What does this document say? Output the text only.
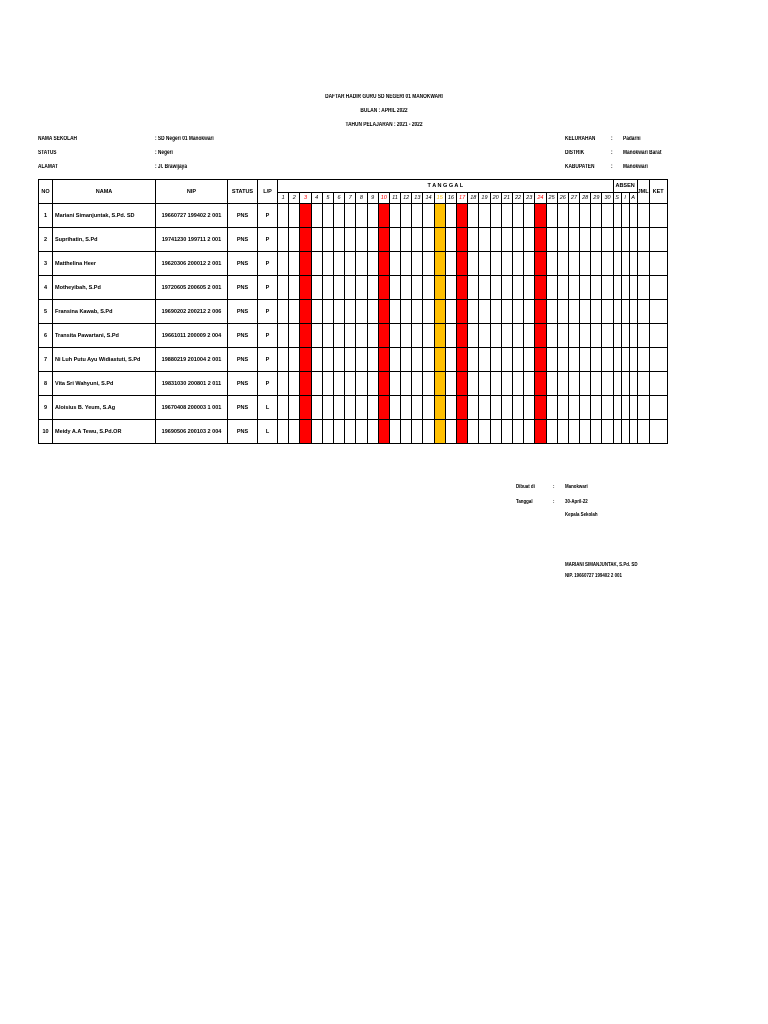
DAFTAR HADIR GURU SD NEGERI 01 MANOKWARI
BULAN : APRIL 2022
TAHUN PELAJARAN : 2021 - 2022
NAMA SEKOLAH	: SD Negeri 01 Manokwari
STATUS	: Negeri
ALAMAT	: Jl. Brawijaya
KELURAHAN	: Padarni
DISTRIK	: Manokwari Barat
KABUPATEN	: Manokwari
NO	NAMA	NIP	STATUS	L/P	T A N G G A L																														ABSEN			JML	KET
					1	2	3	4	5	6	7	8	9	10	11	12	13	14	15	16	17	18	19	20	21	22	23	24	25	26	27	28	29	30	S	I	A		
1	Mariani Simanjuntak, S.Pd. SD	19660727 199402 2 001	PNS	P																																			
2	Suprihatin, S.Pd	19741230 199711 2 001	PNS	P																																			
3	Matthelina Heer	19620306 200012 2 001	PNS	P																																			
4	Motheyibah, S.Pd	19720605 200605 2 001	PNS	P																																			
5	Fransina Kawab, S.Pd	19690202 200212 2 006	PNS	P																																			
6	Transita Pawartani, S.Pd	19661011 200009 2 004	PNS	P																																			
7	Ni Luh Putu Ayu Widiastuti, S.Pd	19880219 201004 2 001	PNS	P																																			
8	Vita Sri Wahyuni, S.Pd	19831030 200801 2 011	PNS	P																																			
9	Aloisius B. Yeum, S.Ag	19670408 200003 1 001	PNS	L																																			
10	Meidy A.A Tewu, S.Pd.OR	19690506 200103 2 004	PNS	L																																			
Dibuat di	: Manokwari
Tanggal	: 30-April-22
Kepala Sekolah
MARIANI SIMANJUNTAK, S.Pd. SD
NIP. 19660727 199402 2 001
